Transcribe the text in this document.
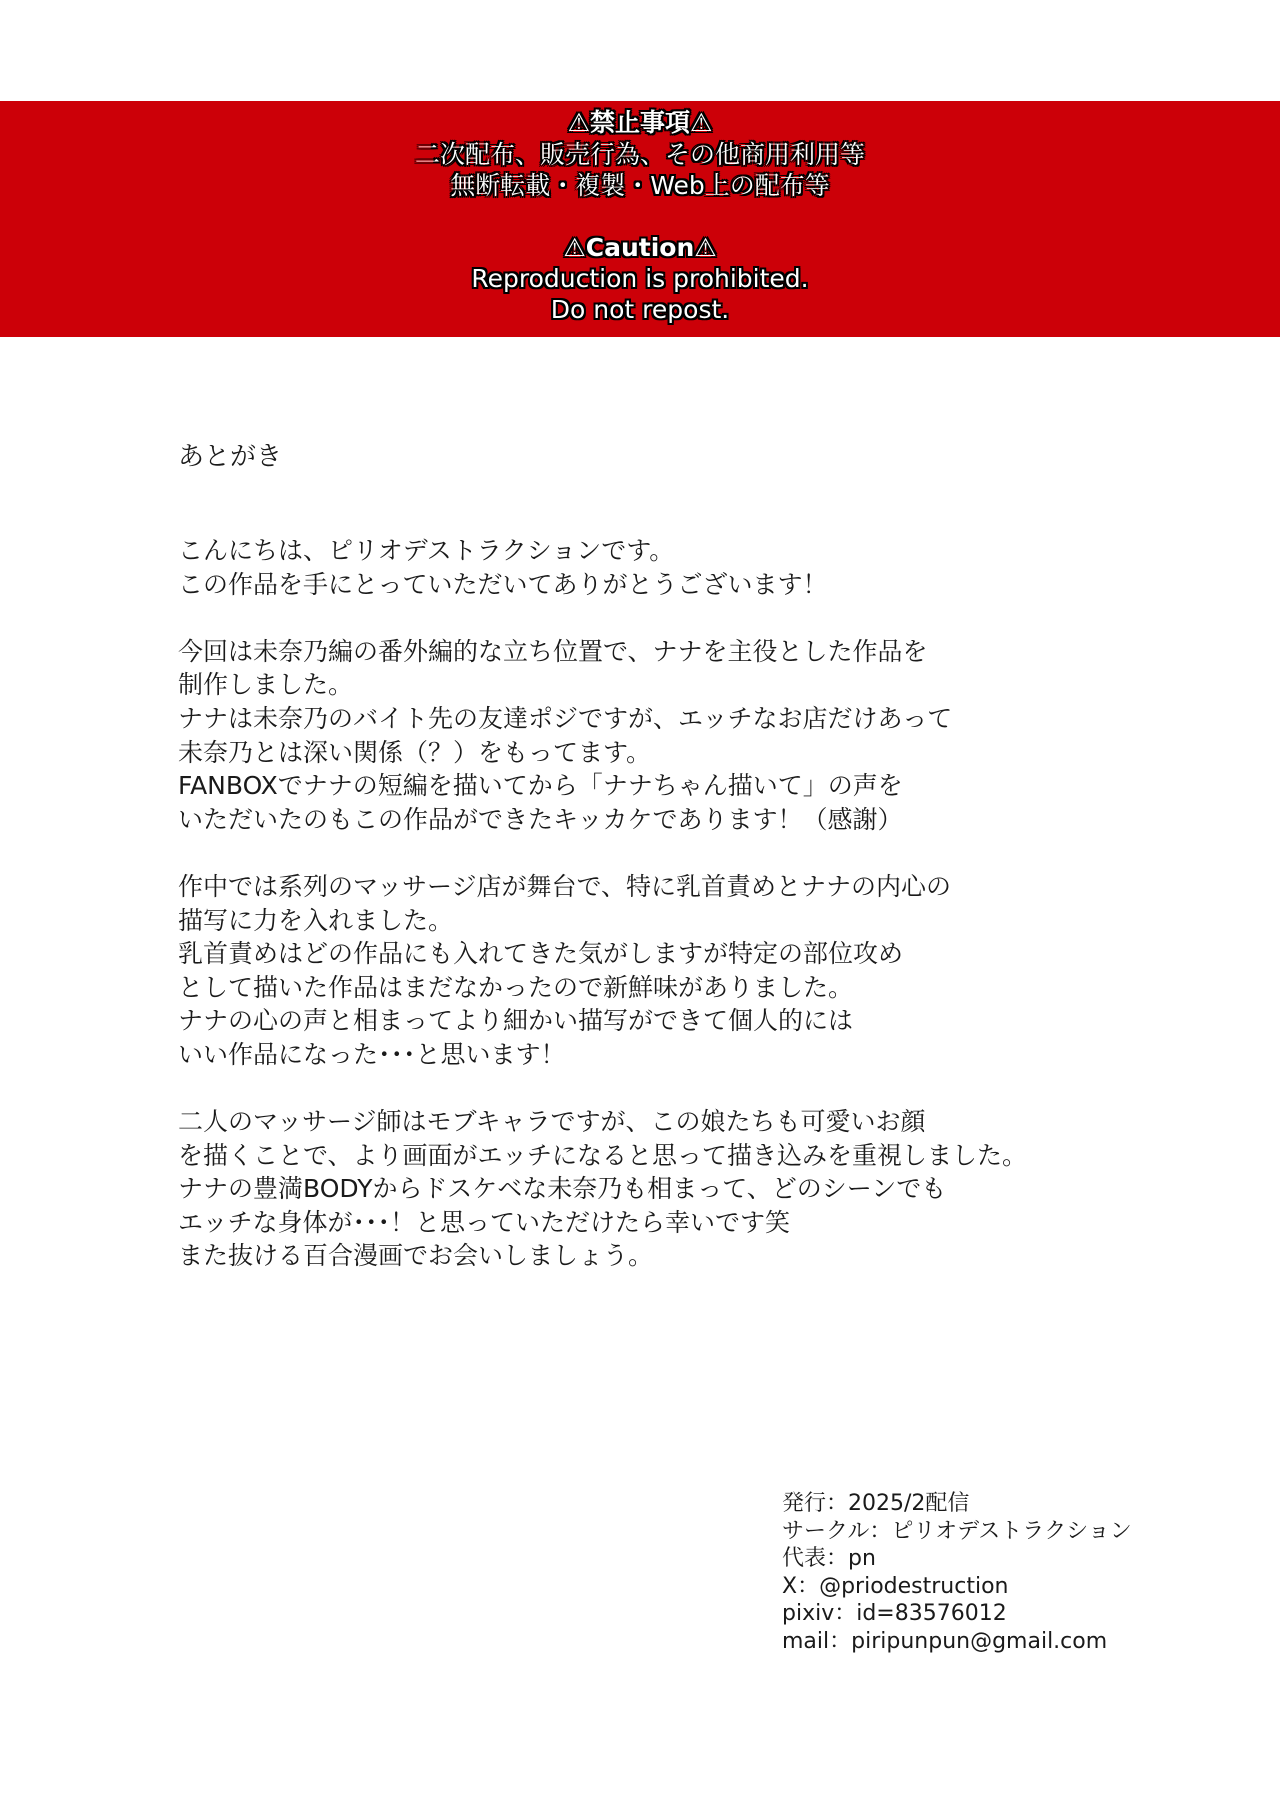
⚠禁止事項⚠
二次配布、販売行為、その他商用利用等
無断転載・複製・Web上の配布等
⚠Caution⚠
Reproduction is prohibited.
Do not repost.
あとがき
こんにちは、ピリオデストラクションです。
この作品を手にとっていただいてありがとうございます！
今回は未奈乃編の番外編的な立ち位置で、ナナを主役とした作品を
制作しました。
ナナは未奈乃のバイト先の友達ポジですが、エッチなお店だけあって
未奈乃とは深い関係（？）をもってます。
FANBOXでナナの短編を描いてから「ナナちゃん描いて」の声を
いただいたのもこの作品ができたキッカケであります！（感謝）
作中では系列のマッサージ店が舞台で、特に乳首責めとナナの内心の
描写に力を入れました。
乳首責めはどの作品にも入れてきた気がしますが特定の部位攻め
として描いた作品はまだなかったので新鮮味がありました。
ナナの心の声と相まってより細かい描写ができて個人的には
いい作品になった･･･と思います！
二人のマッサージ師はモブキャラですが、この娘たちも可愛いお顔
を描くことで、より画面がエッチになると思って描き込みを重視しました。
ナナの豊満BODYからドスケベな未奈乃も相まって、どのシーンでも
エッチな身体が･･･！と思っていただけたら幸いです笑
また抜ける百合漫画でお会いしましょう。
発行：2025/2配信
サークル：ピリオデストラクション
代表：pn
X：@priodestruction
pixiv：id=83576012
mail：piripunpun@gmail.com
